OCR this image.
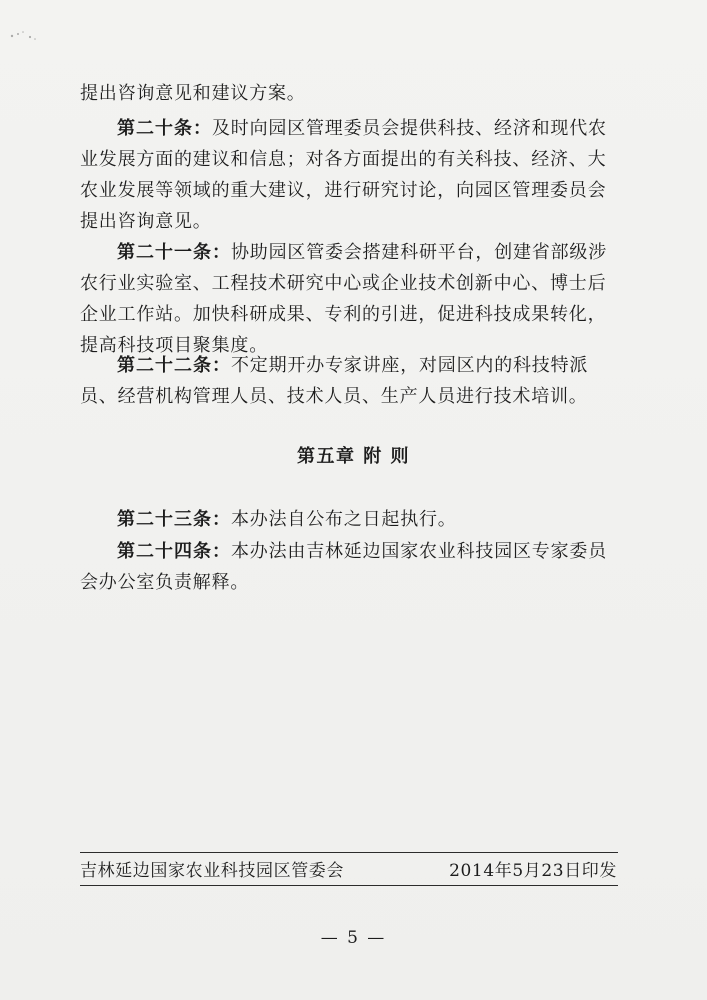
提出咨询意见和建议方案。
第二十条：及时向园区管理委员会提供科技、经济和现代农业发展方面的建议和信息；对各方面提出的有关科技、经济、大农业发展等领域的重大建议，进行研究讨论，向园区管理委员会提出咨询意见。
第二十一条：协助园区管委会搭建科研平台，创建省部级涉农行业实验室、工程技术研究中心或企业技术创新中心、博士后企业工作站。加快科研成果、专利的引进，促进科技成果转化，提高科技项目聚集度。
第二十二条：不定期开办专家讲座，对园区内的科技特派员、经营机构管理人员、技术人员、生产人员进行技术培训。
第五章 附 则
第二十三条：本办法自公布之日起执行。
第二十四条：本办法由吉林延边国家农业科技园区专家委员会办公室负责解释。
吉林延边国家农业科技园区管委会	2014年5月23日印发
— 5 —
